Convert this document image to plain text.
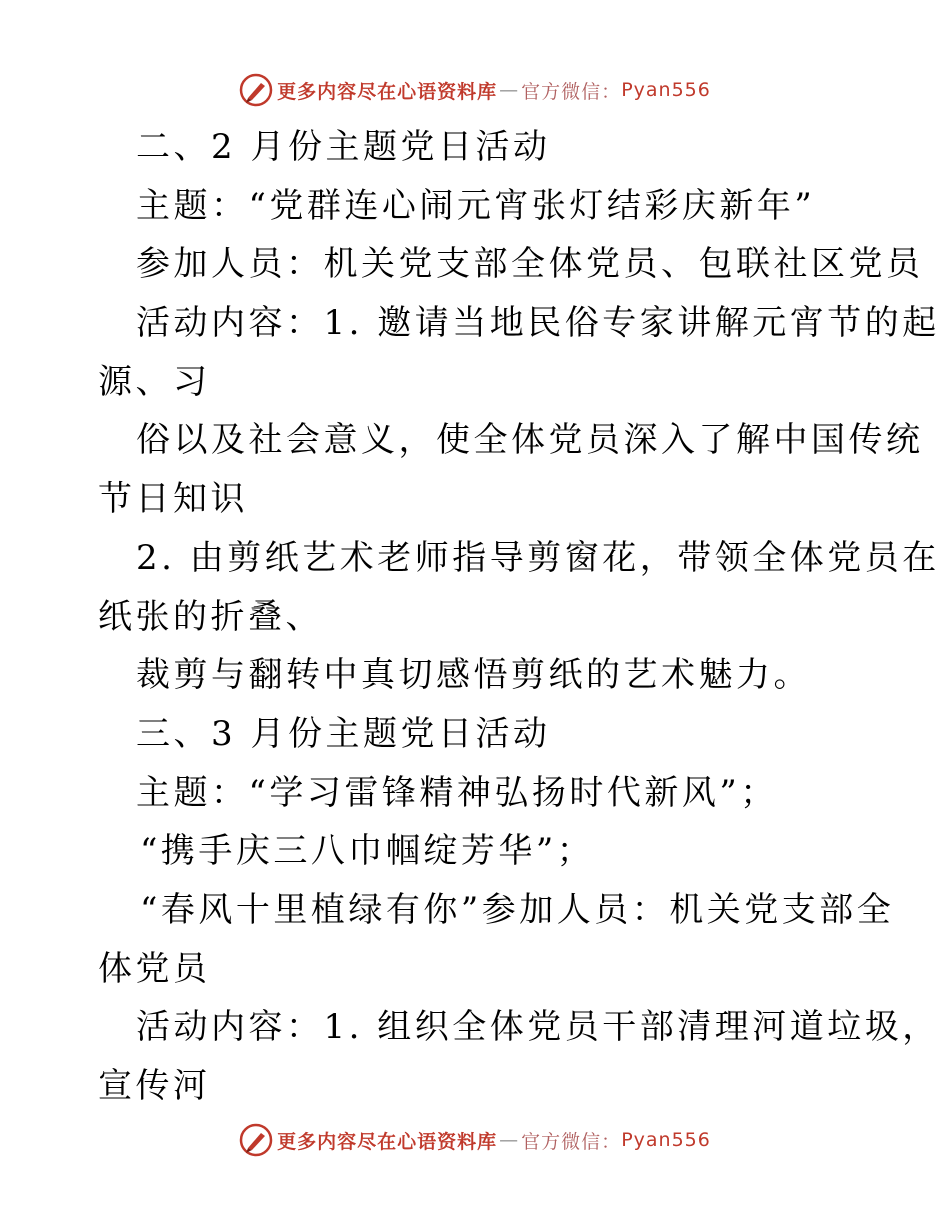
更多内容尽在心语资料库 — 官方微信： Pyan556
二、2 月份主题党日活动
主题：“党群连心闹元宵张灯结彩庆新年”
参加人员：机关党支部全体党员、包联社区党员
活动内容：1. 邀请当地民俗专家讲解元宵节的起
源、习
俗以及社会意义，使全体党员深入了解中国传统
节日知识
2. 由剪纸艺术老师指导剪窗花，带领全体党员在
纸张的折叠、
裁剪与翻转中真切感悟剪纸的艺术魅力。
三、3 月份主题党日活动
主题：“学习雷锋精神弘扬时代新风”；
“携手庆三八巾帼绽芳华”；
“春风十里植绿有你”参加人员：机关党支部全
体党员
活动内容：1. 组织全体党员干部清理河道垃圾，
宣传河
更多内容尽在心语资料库 — 官方微信： Pyan556
